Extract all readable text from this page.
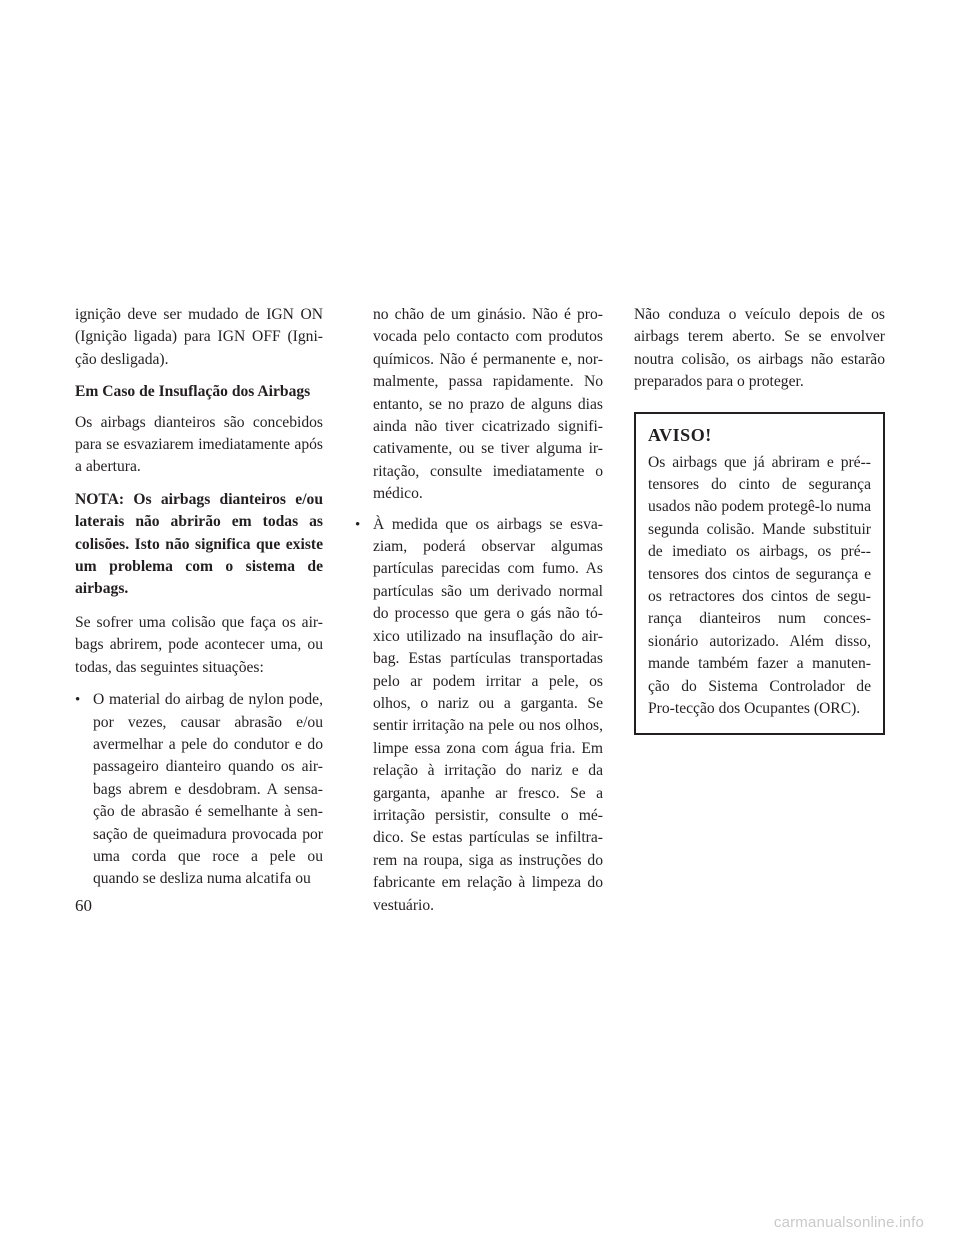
ignição deve ser mudado de IGN ON (Ignição ligada) para IGN OFF (Igni-ção desligada).

Em Caso de Insuflação dos Airbags

Os airbags dianteiros são concebidos para se esvaziarem imediatamente após a abertura.

NOTA: Os airbags dianteiros e/ou laterais não abrirão em todas as colisões. Isto não significa que existe um problema com o sistema de airbags.

Se sofrer uma colisão que faça os air-bags abrirem, pode acontecer uma, ou todas, das seguintes situações:

• O material do airbag de nylon pode, por vezes, causar abrasão e/ou avermelhar a pele do condutor e do passageiro dianteiro quando os air-bags abrem e desdobram. A sensa-ção de abrasão é semelhante à sen-sação de queimadura provocada por uma corda que roce a pele ou quando se desliza numa alcatifa ou
no chão de um ginásio. Não é pro-vocada pelo contacto com produtos químicos. Não é permanente e, nor-malmente, passa rapidamente. No entanto, se no prazo de alguns dias ainda não tiver cicatrizado signifi-cativamente, ou se tiver alguma ir-ritação, consulte imediatamente o médico.
• À medida que os airbags se esva-ziam, poderá observar algumas partículas parecidas com fumo. As partículas são um derivado normal do processo que gera o gás não tó-xico utilizado na insuflação do air-bag. Estas partículas transportadas pelo ar podem irritar a pele, os olhos, o nariz ou a garganta. Se sentir irritação na pele ou nos olhos, limpe essa zona com água fria. Em relação à irritação do nariz e da garganta, apanhe ar fresco. Se a irritação persistir, consulte o mé-dico. Se estas partículas se infiltra-rem na roupa, siga as instruções do fabricante em relação à limpeza do vestuário.

Não conduza o veículo depois de os airbags terem aberto. Se se envolver noutra colisão, os airbags não estarão preparados para o proteger.

AVISO!

Os airbags que já abriram e pré--tensores do cinto de segurança usados não podem protegê-lo numa segunda colisão. Mande substituir de imediato os airbags, os pré--tensores dos cintos de segurança e os retractores dos cintos de segu-rança dianteiros num conces-sionário autorizado. Além disso, mande também fazer a manuten-ção do Sistema Controlador de Pro-tecção dos Ocupantes (ORC).

60
carmanualsonline.info
